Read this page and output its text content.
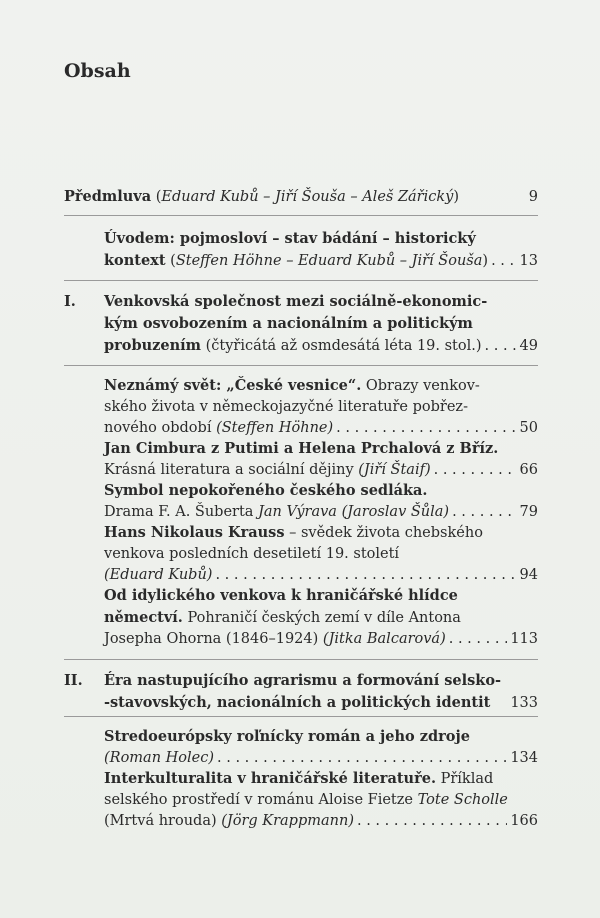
Obsah
Předmluva (Eduard Kubů – Jiří Šouša – Aleš Zářický)	9
Úvodem: pojmosloví – stav bádání – historický
kontext (Steffen Höhne – Eduard Kubů – Jiří Šouša) . . . 13
I. Venkovská společnost mezi sociálně-ekonomic-
kým osvobozením a nacionálním a politickým
probuzením (čtyřicátá až osmdesátá léta 19. stol.) . . .	49
Neznámý svět: „České vesnice“. Obrazy venkov-
ského života v německojazyčné literatuře pobřez-
nového období (Steffen Höhne) . . .	50
Jan Cimbura z Putimi a Helena Prchalová z Bříz.
Krásná literatura a sociální dějiny (Jiří Štaif) . . .	66
Symbol nepokořeného českého sedláka.
Drama F. A. Šuberta Jan Výrava (Jaroslav Šůla) . . .	79
Hans Nikolaus Krauss – svědek života chebského
venkova posledních desetiletí 19. století
(Eduard Kubů) . . .	94
Od idylického venkova k hraničářské hlídce
němectví. Pohraničí českých zemí v díle Antona
Josepha Ohorna (1846–1924) (Jitka Balcarová) . . .	113
II. Éra nastupujícího agrarismu a formování selsko-
-stavovských, nacionálních a politických identit 133
Stredoeurópsky roľnícky román a jeho zdroje
(Roman Holec) . . .	134
Interkulturalita v hraničářské literatuře. Příklad
selského prostředí v románu Aloise Fietze Tote Scholle
(Mrtvá hrouda) (Jörg Krappmann) . . .	166
